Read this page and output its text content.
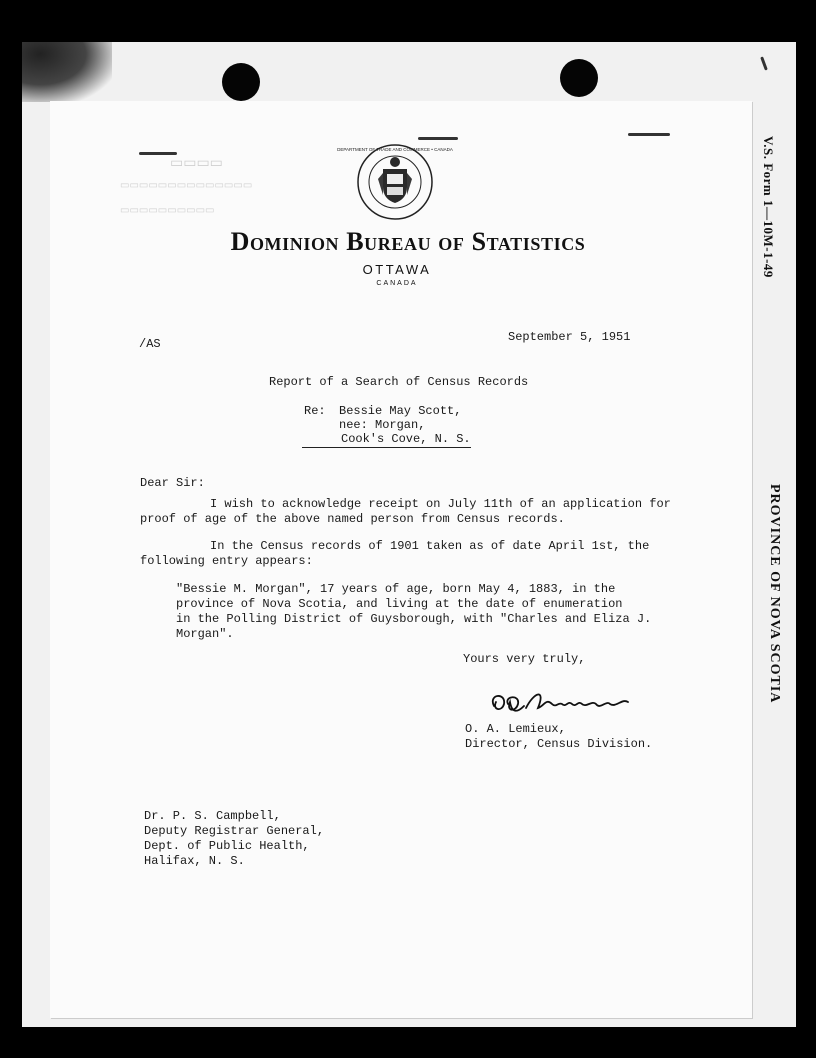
V.S. Form 1—10M-1-49
PROVINCE OF NOVA SCOTIA
▭▭▭▭
▭▭▭▭▭▭▭▭▭▭▭▭▭▭
▭▭▭▭▭▭▭▭▭▭
DEPARTMENT OF TRADE AND COMMERCE • CANADA
Dominion Bureau of Statistics
OTTAWA
CANADA
/AS	September 5, 1951
Report of a Search of Census Records
Re: Bessie May Scott,
nee: Morgan,
Cook's Cove, N. S.
Dear Sir:
I wish to acknowledge receipt on July 11th of an application for
proof of age of the above named person from Census records.
In the Census records of 1901 taken as of date April 1st, the
following entry appears:
"Bessie M. Morgan", 17 years of age, born May 4, 1883, in the
province of Nova Scotia, and living at the date of enumeration
in the Polling District of Guysborough, with "Charles and Eliza J.
Morgan".
Yours very truly,
O. A. Lemieux,
Director, Census Division.
Dr. P. S. Campbell,
Deputy Registrar General,
Dept. of Public Health,
Halifax, N. S.
